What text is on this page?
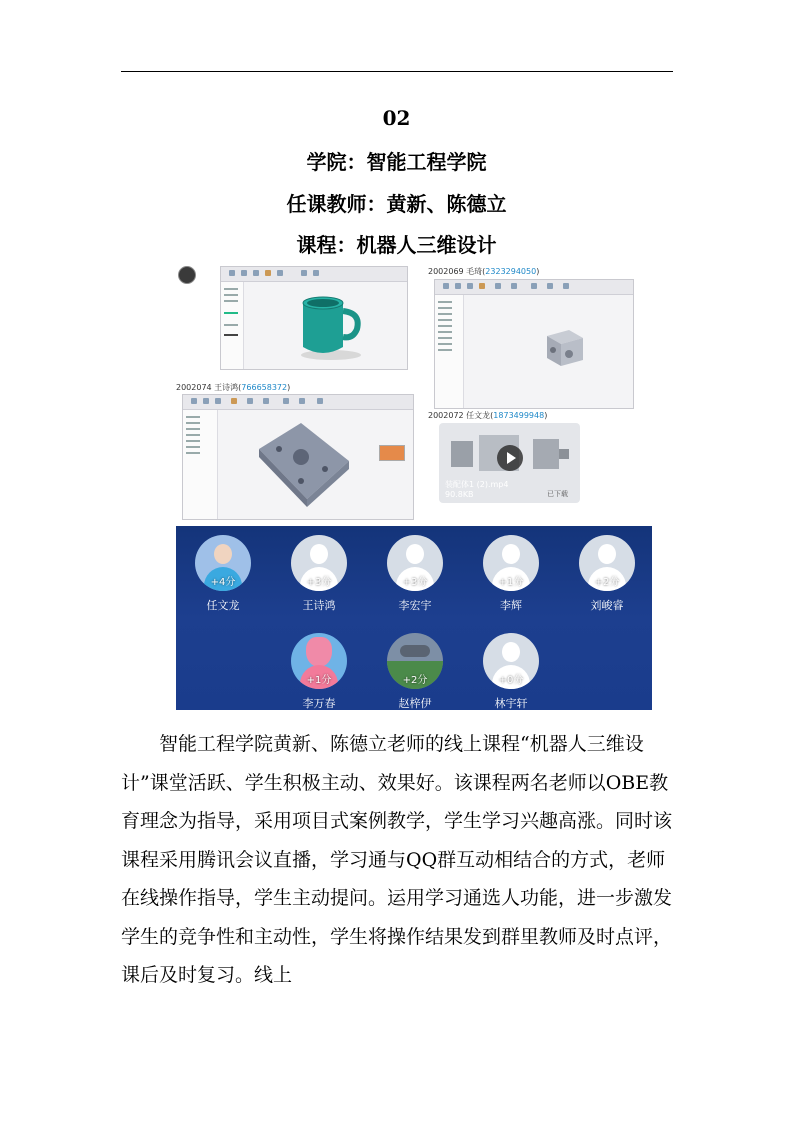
02
学院：智能工程学院
任课教师：黄新、陈德立
课程：机器人三维设计
2002069 毛琦(2323294050)
2002074 王诗鸿(766658372)
2002072 任文龙(1873499948)
装配体1 (2).mp4
90.8KB	已下载
+4分
任文龙
+3分
王诗鸿
+3分
李宏宇
+1分
李辉
+2分
刘峻睿
+1分
李万春
+2分
赵梓伊
+0分
林宇轩

智能工程学院黄新、陈德立老师的线上课程“机器人三维设计”课堂活跃、学生积极主动、效果好。该课程两名老师以OBE教育理念为指导，采用项目式案例教学，学生学习兴趣高涨。同时该课程采用腾讯会议直播，学习通与QQ群互动相结合的方式，老师在线操作指导，学生主动提问。运用学习通选人功能，进一步激发学生的竞争性和主动性，学生将操作结果发到群里教师及时点评，课后及时复习。线上
